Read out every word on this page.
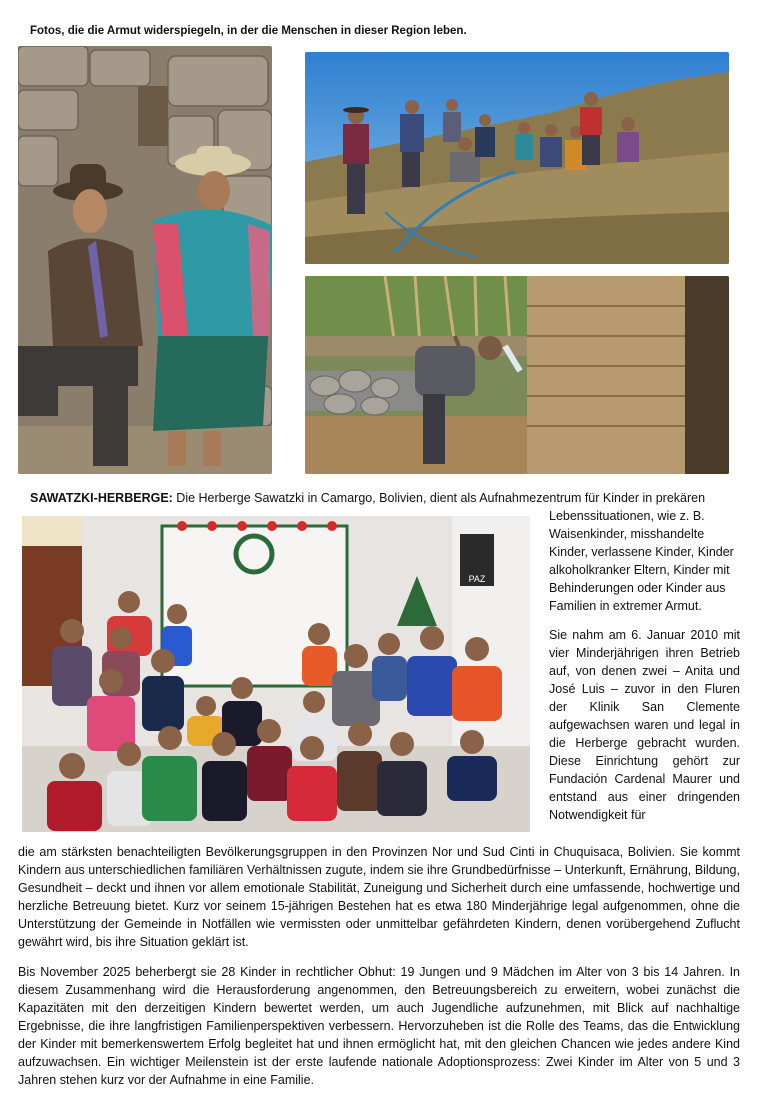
Fotos, die die Armut widerspiegeln, in der die Menschen in dieser Region leben.
PAZ
SAWATZKI-HERBERGE: Die Herberge Sawatzki in Camargo, Bolivien, dient als Aufnahmezentrum für Kinder in prekären

Lebenssituationen, wie z. B. Waisenkinder, misshandelte Kinder, verlassene Kinder, Kinder alkoholkranker Eltern, Kinder mit Behinderungen oder Kinder aus Familien in extremer Armut.

Sie nahm am 6. Januar 2010 mit vier Minderjährigen ihren Betrieb auf, von denen zwei – Anita und José Luis – zuvor in den Fluren der Klinik San Clemente aufgewachsen waren und legal in die Herberge gebracht wurden. Diese Einrichtung gehört zur Fundación Cardenal Maurer und entstand aus einer dringenden Notwendigkeit für

die am stärksten benachteiligten Bevölkerungsgruppen in den Provinzen Nor und Sud Cinti in Chuquisaca, Bolivien. Sie kommt Kindern aus unterschiedlichen familiären Verhältnissen zugute, indem sie ihre Grundbedürfnisse – Unterkunft, Ernährung, Bildung, Gesundheit – deckt und ihnen vor allem emotionale Stabilität, Zuneigung und Sicherheit durch eine umfassende, hochwertige und herzliche Betreuung bietet. Kurz vor seinem 15-jährigen Bestehen hat es etwa 180 Minderjährige legal aufgenommen, ohne die Unterstützung der Gemeinde in Notfällen wie vermissten oder unmittelbar gefährdeten Kindern, denen vorübergehend Zuflucht gewährt wird, bis ihre Situation geklärt ist.

Bis November 2025 beherbergt sie 28 Kinder in rechtlicher Obhut: 19 Jungen und 9 Mädchen im Alter von 3 bis 14 Jahren. In diesem Zusammenhang wird die Herausforderung angenommen, den Betreuungsbereich zu erweitern, wobei zunächst die Kapazitäten mit den derzeitigen Kindern bewertet werden, um auch Jugendliche aufzunehmen, mit Blick auf nachhaltige Ergebnisse, die ihre langfristigen Familienperspektiven verbessern. Hervorzuheben ist die Rolle des Teams, das die Entwicklung der Kinder mit bemerkenswertem Erfolg begleitet hat und ihnen ermöglicht hat, mit den gleichen Chancen wie jedes andere Kind aufzuwachsen. Ein wichtiger Meilenstein ist der erste laufende nationale Adoptionsprozess: Zwei Kinder im Alter von 5 und 3 Jahren stehen kurz vor der Aufnahme in eine Familie.
